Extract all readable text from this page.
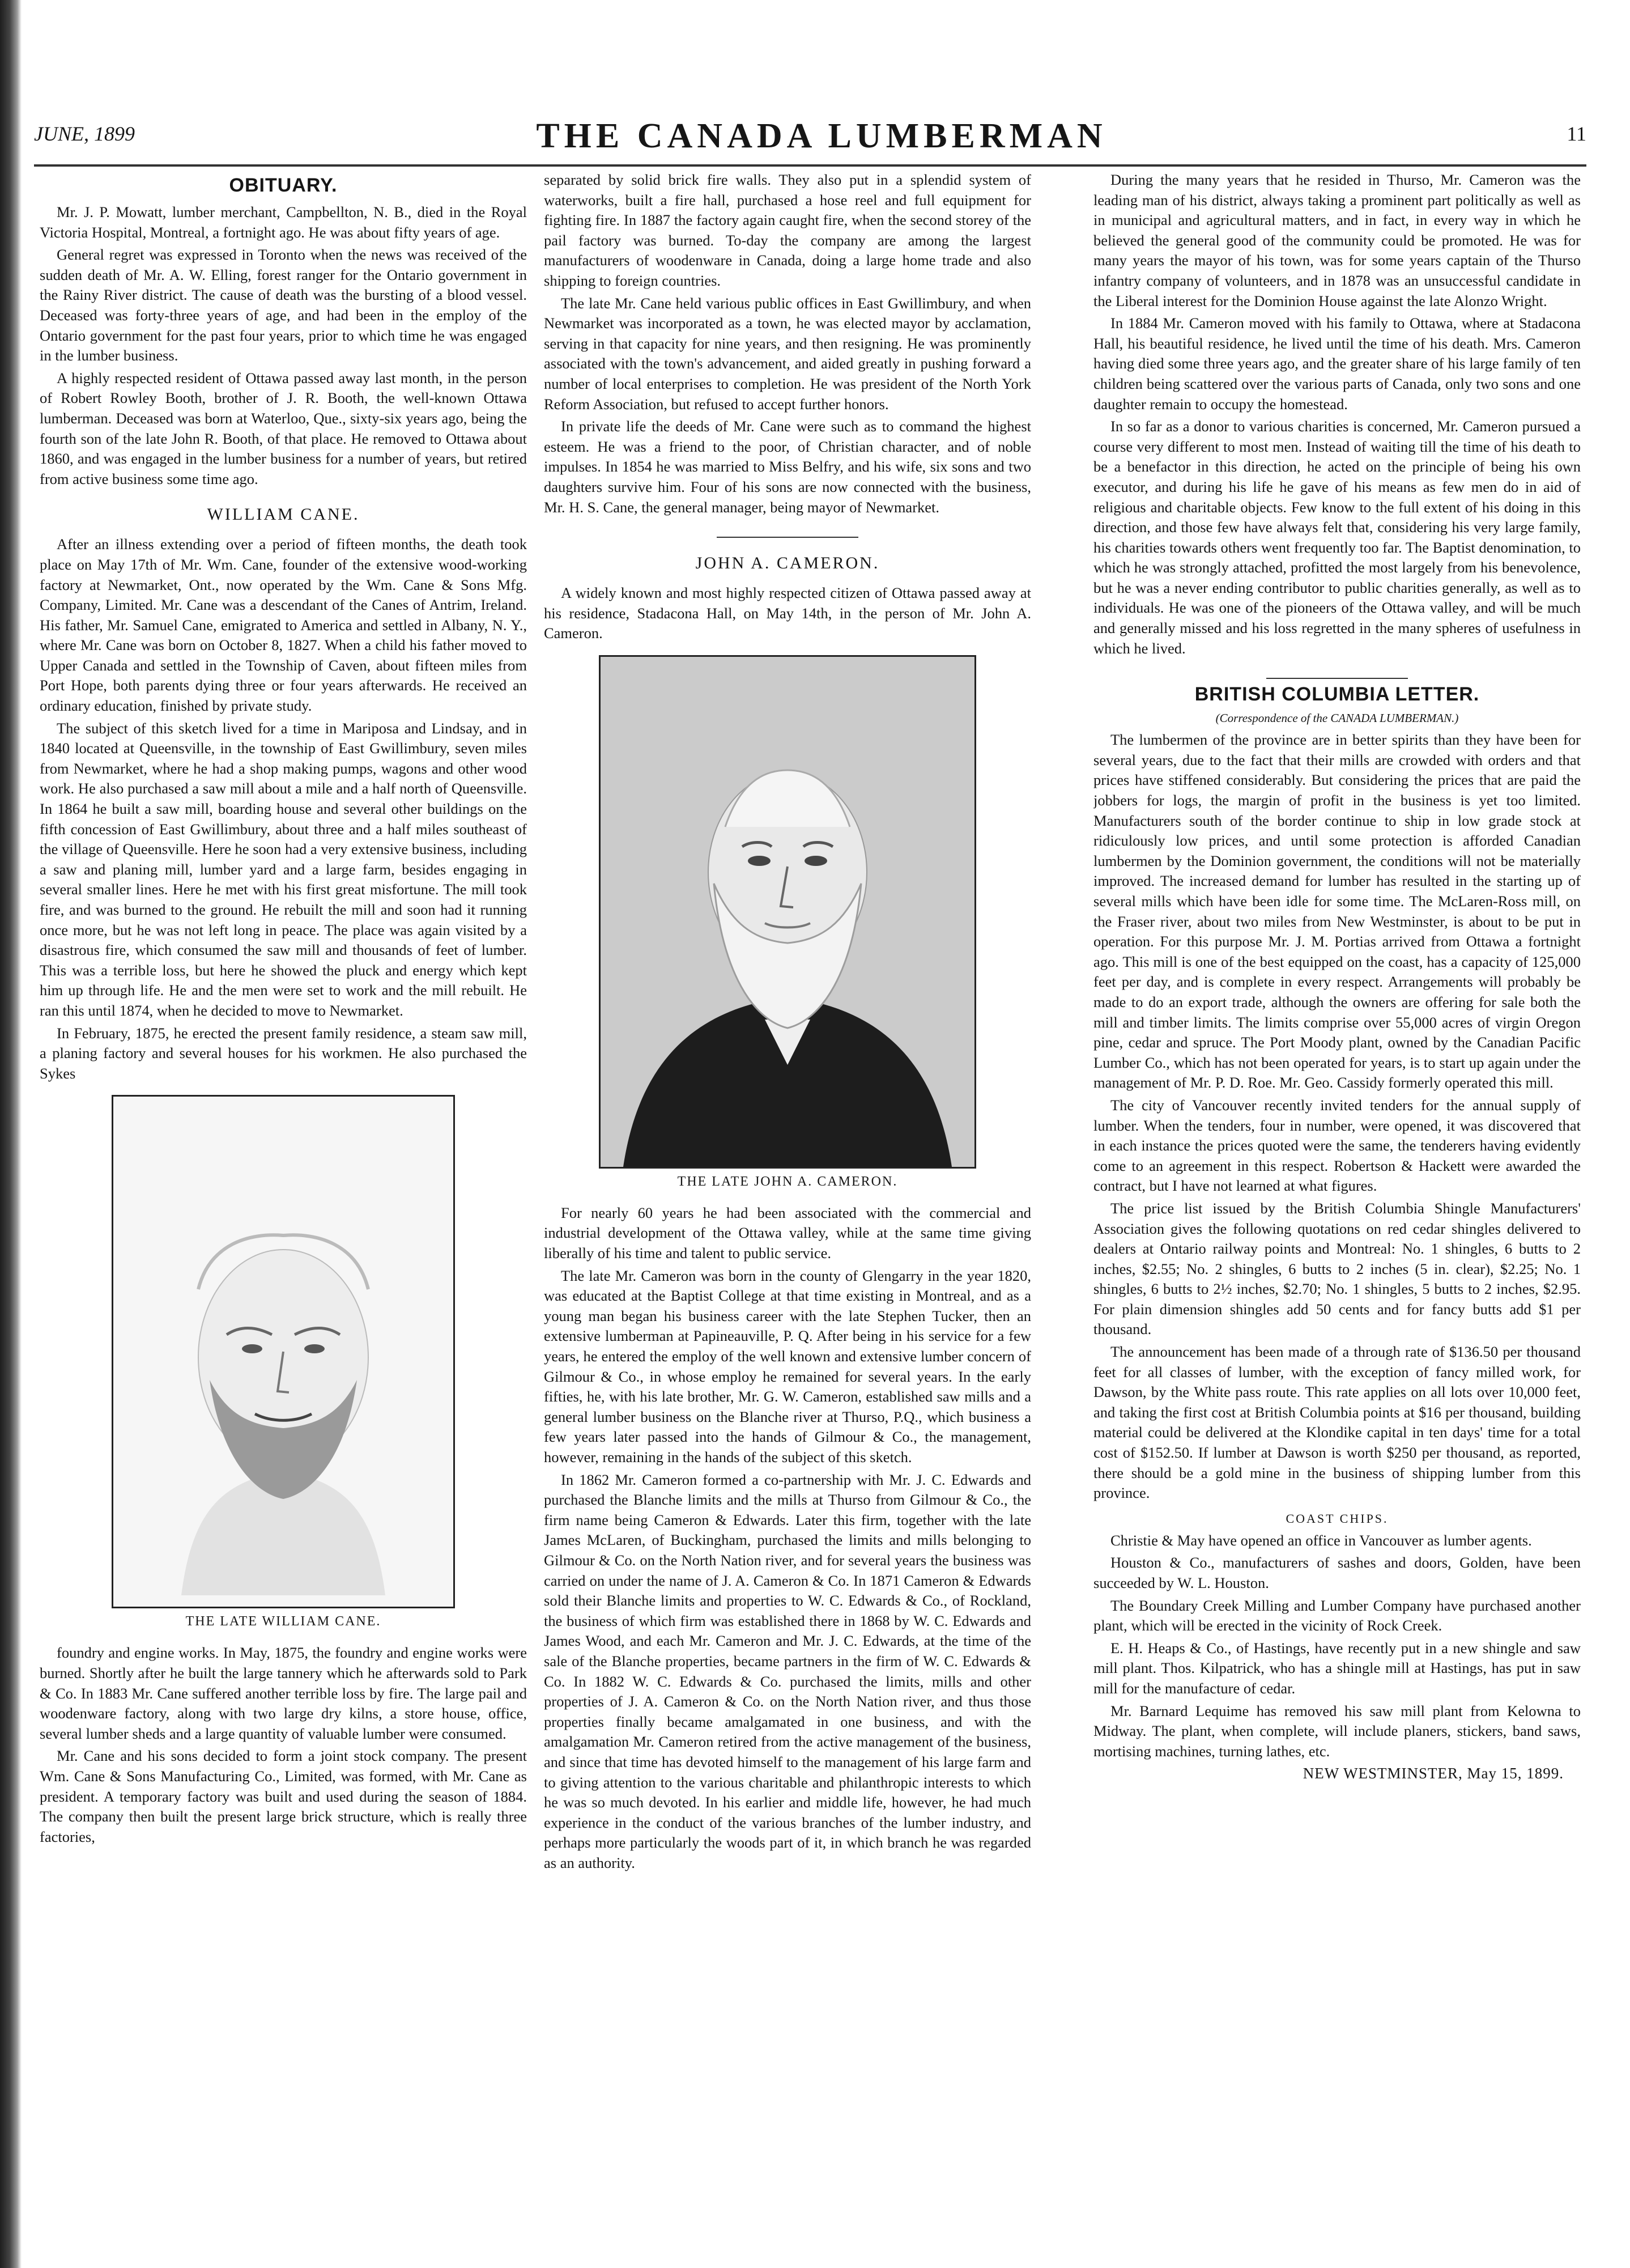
JUNE, 1899	THE CANADA LUMBERMAN	11
OBITUARY.

Mr. J. P. Mowatt, lumber merchant, Campbellton, N. B., died in the Royal Victoria Hospital, Montreal, a fortnight ago. He was about fifty years of age.

General regret was expressed in Toronto when the news was received of the sudden death of Mr. A. W. Elling, forest ranger for the Ontario government in the Rainy River district. The cause of death was the bursting of a blood vessel. Deceased was forty-three years of age, and had been in the employ of the Ontario government for the past four years, prior to which time he was engaged in the lumber business.

A highly respected resident of Ottawa passed away last month, in the person of Robert Rowley Booth, brother of J. R. Booth, the well-known Ottawa lumberman. Deceased was born at Waterloo, Que., sixty-six years ago, being the fourth son of the late John R. Booth, of that place. He removed to Ottawa about 1860, and was engaged in the lumber business for a number of years, but retired from active business some time ago.

WILLIAM CANE.

After an illness extending over a period of fifteen months, the death took place on May 17th of Mr. Wm. Cane, founder of the extensive wood-working factory at Newmarket, Ont., now operated by the Wm. Cane & Sons Mfg. Company, Limited. Mr. Cane was a descendant of the Canes of Antrim, Ireland. His father, Mr. Samuel Cane, emigrated to America and settled in Albany, N. Y., where Mr. Cane was born on October 8, 1827. When a child his father moved to Upper Canada and settled in the Township of Caven, about fifteen miles from Port Hope, both parents dying three or four years afterwards. He received an ordinary education, finished by private study.

The subject of this sketch lived for a time in Mariposa and Lindsay, and in 1840 located at Queensville, in the township of East Gwillimbury, seven miles from Newmarket, where he had a shop making pumps, wagons and other wood work. He also purchased a saw mill about a mile and a half north of Queensville. In 1864 he built a saw mill, boarding house and several other buildings on the fifth concession of East Gwillimbury, about three and a half miles southeast of the village of Queensville. Here he soon had a very extensive business, including a saw and planing mill, lumber yard and a large farm, besides engaging in several smaller lines. Here he met with his first great misfortune. The mill took fire, and was burned to the ground. He rebuilt the mill and soon had it running once more, but he was not left long in peace. The place was again visited by a disastrous fire, which consumed the saw mill and thousands of feet of lumber. This was a terrible loss, but here he showed the pluck and energy which kept him up through life. He and the men were set to work and the mill rebuilt. He ran this until 1874, when he decided to move to Newmarket.

In February, 1875, he erected the present family residence, a steam saw mill, a planing factory and several houses for his workmen. He also purchased the Sykes

THE LATE WILLIAM CANE.

foundry and engine works. In May, 1875, the foundry and engine works were burned. Shortly after he built the large tannery which he afterwards sold to Park & Co. In 1883 Mr. Cane suffered another terrible loss by fire. The large pail and woodenware factory, along with two large dry kilns, a store house, office, several lumber sheds and a large quantity of valuable lumber were consumed.

Mr. Cane and his sons decided to form a joint stock company. The present Wm. Cane & Sons Manufacturing Co., Limited, was formed, with Mr. Cane as president. A temporary factory was built and used during the season of 1884. The company then built the present large brick structure, which is really three factories,

separated by solid brick fire walls. They also put in a splendid system of waterworks, built a fire hall, purchased a hose reel and full equipment for fighting fire. In 1887 the factory again caught fire, when the second storey of the pail factory was burned. To-day the company are among the largest manufacturers of woodenware in Canada, doing a large home trade and also shipping to foreign countries.

The late Mr. Cane held various public offices in East Gwillimbury, and when Newmarket was incorporated as a town, he was elected mayor by acclamation, serving in that capacity for nine years, and then resigning. He was prominently associated with the town's advancement, and aided greatly in pushing forward a number of local enterprises to completion. He was president of the North York Reform Association, but refused to accept further honors.

In private life the deeds of Mr. Cane were such as to command the highest esteem. He was a friend to the poor, of Christian character, and of noble impulses. In 1854 he was married to Miss Belfry, and his wife, six sons and two daughters survive him. Four of his sons are now connected with the business, Mr. H. S. Cane, the general manager, being mayor of Newmarket.

JOHN A. CAMERON.

A widely known and most highly respected citizen of Ottawa passed away at his residence, Stadacona Hall, on May 14th, in the person of Mr. John A. Cameron.

THE LATE JOHN A. CAMERON.

For nearly 60 years he had been associated with the commercial and industrial development of the Ottawa valley, while at the same time giving liberally of his time and talent to public service.

The late Mr. Cameron was born in the county of Glengarry in the year 1820, was educated at the Baptist College at that time existing in Montreal, and as a young man began his business career with the late Stephen Tucker, then an extensive lumberman at Papineauville, P. Q. After being in his service for a few years, he entered the employ of the well known and extensive lumber concern of Gilmour & Co., in whose employ he remained for several years. In the early fifties, he, with his late brother, Mr. G. W. Cameron, established saw mills and a general lumber business on the Blanche river at Thurso, P.Q., which business a few years later passed into the hands of Gilmour & Co., the management, however, remaining in the hands of the subject of this sketch.

In 1862 Mr. Cameron formed a co-partnership with Mr. J. C. Edwards and purchased the Blanche limits and the mills at Thurso from Gilmour & Co., the firm name being Cameron & Edwards. Later this firm, together with the late James McLaren, of Buckingham, purchased the limits and mills belonging to Gilmour & Co. on the North Nation river, and for several years the business was carried on under the name of J. A. Cameron & Co. In 1871 Cameron & Edwards sold their Blanche limits and properties to W. C. Edwards & Co., of Rockland, the business of which firm was established there in 1868 by W. C. Edwards and James Wood, and each Mr. Cameron and Mr. J. C. Edwards, at the time of the sale of the Blanche properties, became partners in the firm of W. C. Edwards & Co. In 1882 W. C. Edwards & Co. purchased the limits, mills and other properties of J. A. Cameron & Co. on the North Nation river, and thus those properties finally became amalgamated in one business, and with the amalgamation Mr. Cameron retired from the active management of the business, and since that time has devoted himself to the management of his large farm and to giving attention to the various charitable and philanthropic interests to which he was so much devoted. In his earlier and middle life, however, he had much experience in the conduct of the various branches of the lumber industry, and perhaps more particularly the woods part of it, in which branch he was regarded as an authority.

During the many years that he resided in Thurso, Mr. Cameron was the leading man of his district, always taking a prominent part politically as well as in municipal and agricultural matters, and in fact, in every way in which he believed the general good of the community could be promoted. He was for many years the mayor of his town, was for some years captain of the Thurso infantry company of volunteers, and in 1878 was an unsuccessful candidate in the Liberal interest for the Dominion House against the late Alonzo Wright.

In 1884 Mr. Cameron moved with his family to Ottawa, where at Stadacona Hall, his beautiful residence, he lived until the time of his death. Mrs. Cameron having died some three years ago, and the greater share of his large family of ten children being scattered over the various parts of Canada, only two sons and one daughter remain to occupy the homestead.

In so far as a donor to various charities is concerned, Mr. Cameron pursued a course very different to most men. Instead of waiting till the time of his death to be a benefactor in this direction, he acted on the principle of being his own executor, and during his life he gave of his means as few men do in aid of religious and charitable objects. Few know to the full extent of his doing in this direction, and those few have always felt that, considering his very large family, his charities towards others went frequently too far. The Baptist denomination, to which he was strongly attached, profitted the most largely from his benevolence, but he was a never ending contributor to public charities generally, as well as to individuals. He was one of the pioneers of the Ottawa valley, and will be much and generally missed and his loss regretted in the many spheres of usefulness in which he lived.

BRITISH COLUMBIA LETTER.
(Correspondence of the CANADA LUMBERMAN.)

The lumbermen of the province are in better spirits than they have been for several years, due to the fact that their mills are crowded with orders and that prices have stiffened considerably. But considering the prices that are paid the jobbers for logs, the margin of profit in the business is yet too limited. Manufacturers south of the border continue to ship in low grade stock at ridiculously low prices, and until some protection is afforded Canadian lumbermen by the Dominion government, the conditions will not be materially improved. The increased demand for lumber has resulted in the starting up of several mills which have been idle for some time. The McLaren-Ross mill, on the Fraser river, about two miles from New Westminster, is about to be put in operation. For this purpose Mr. J. M. Portias arrived from Ottawa a fortnight ago. This mill is one of the best equipped on the coast, has a capacity of 125,000 feet per day, and is complete in every respect. Arrangements will probably be made to do an export trade, although the owners are offering for sale both the mill and timber limits. The limits comprise over 55,000 acres of virgin Oregon pine, cedar and spruce. The Port Moody plant, owned by the Canadian Pacific Lumber Co., which has not been operated for years, is to start up again under the management of Mr. P. D. Roe. Mr. Geo. Cassidy formerly operated this mill.

The city of Vancouver recently invited tenders for the annual supply of lumber. When the tenders, four in number, were opened, it was discovered that in each instance the prices quoted were the same, the tenderers having evidently come to an agreement in this respect. Robertson & Hackett were awarded the contract, but I have not learned at what figures.

The price list issued by the British Columbia Shingle Manufacturers' Association gives the following quotations on red cedar shingles delivered to dealers at Ontario railway points and Montreal: No. 1 shingles, 6 butts to 2 inches, $2.55; No. 2 shingles, 6 butts to 2 inches (5 in. clear), $2.25; No. 1 shingles, 6 butts to 2½ inches, $2.70; No. 1 shingles, 5 butts to 2 inches, $2.95. For plain dimension shingles add 50 cents and for fancy butts add $1 per thousand.

The announcement has been made of a through rate of $136.50 per thousand feet for all classes of lumber, with the exception of fancy milled work, for Dawson, by the White pass route. This rate applies on all lots over 10,000 feet, and taking the first cost at British Columbia points at $16 per thousand, building material could be delivered at the Klondike capital in ten days' time for a total cost of $152.50. If lumber at Dawson is worth $250 per thousand, as reported, there should be a gold mine in the business of shipping lumber from this province.

COAST CHIPS.

Christie & May have opened an office in Vancouver as lumber agents.

Houston & Co., manufacturers of sashes and doors, Golden, have been succeeded by W. L. Houston.

The Boundary Creek Milling and Lumber Company have purchased another plant, which will be erected in the vicinity of Rock Creek.

E. H. Heaps & Co., of Hastings, have recently put in a new shingle and saw mill plant. Thos. Kilpatrick, who has a shingle mill at Hastings, has put in saw mill for the manufacture of cedar.

Mr. Barnard Lequime has removed his saw mill plant from Kelowna to Midway. The plant, when complete, will include planers, stickers, band saws, mortising machines, turning lathes, etc.

NEW WESTMINSTER, May 15, 1899.
